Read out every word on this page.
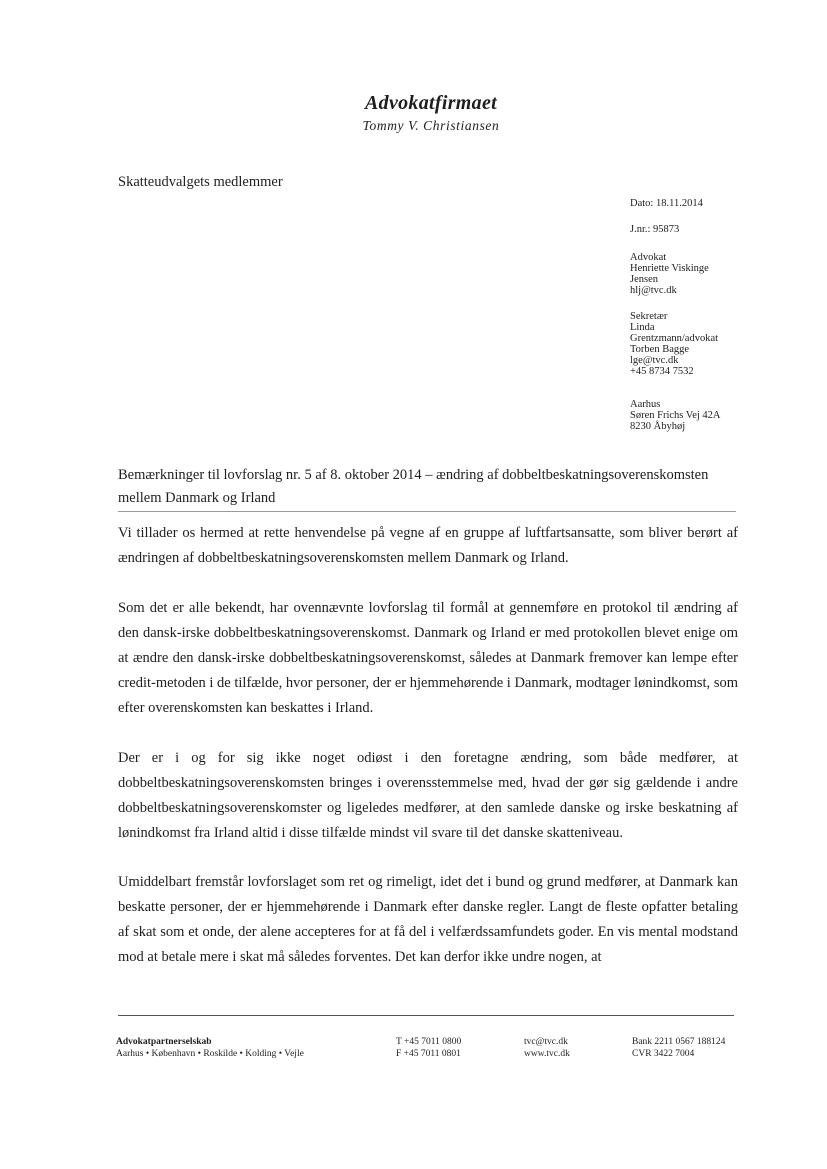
Advokatfirmaet
Tommy V. Christiansen
Skatteudvalgets medlemmer
Dato: 18.11.2014
J.nr.: 95873
Advokat
Henriette Viskinge
Jensen
hlj@tvc.dk
Sekretær
Linda
Grentzmann/advokat
Torben Bagge
lge@tvc.dk
+45 8734 7532
Aarhus
Søren Frichs Vej 42A
8230 Åbyhøj
Bemærkninger til lovforslag nr. 5 af 8. oktober 2014 – ændring af dobbeltbeskatningsoverenskomsten mellem Danmark og Irland
Vi tillader os hermed at rette henvendelse på vegne af en gruppe af luftfartsansatte, som bliver berørt af ændringen af dobbeltbeskatningsoverenskomsten mellem Danmark og Irland.
Som det er alle bekendt, har ovennævnte lovforslag til formål at gennemføre en protokol til ændring af den dansk-irske dobbeltbeskatningsoverenskomst. Danmark og Irland er med protokollen blevet enige om at ændre den dansk-irske dobbeltbeskatningsoverenskomst, således at Danmark fremover kan lempe efter credit-metoden i de tilfælde, hvor personer, der er hjemmehørende i Danmark, modtager lønindkomst, som efter overenskomsten kan beskattes i Irland.
Der er i og for sig ikke noget odiøst i den foretagne ændring, som både medfører, at dobbeltbeskatningsoverenskomsten bringes i overensstemmelse med, hvad der gør sig gældende i andre dobbeltbeskatningsoverenskomster og ligeledes medfører, at den samlede danske og irske beskatning af lønindkomst fra Irland altid i disse tilfælde mindst vil svare til det danske skatteniveau.
Umiddelbart fremstår lovforslaget som ret og rimeligt, idet det i bund og grund medfører, at Danmark kan beskatte personer, der er hjemmehørende i Danmark efter danske regler. Langt de fleste opfatter betaling af skat som et onde, der alene accepteres for at få del i velfærdssamfundets goder. En vis mental modstand mod at betale mere i skat må således forventes. Det kan derfor ikke undre nogen, at
Advokatpartnerselskab
Aarhus • København • Roskilde • Kolding • Vejle
T +45 7011 0800
F +45 7011 0801
tvc@tvc.dk
www.tvc.dk
Bank 2211 0567 188124
CVR 3422 7004
